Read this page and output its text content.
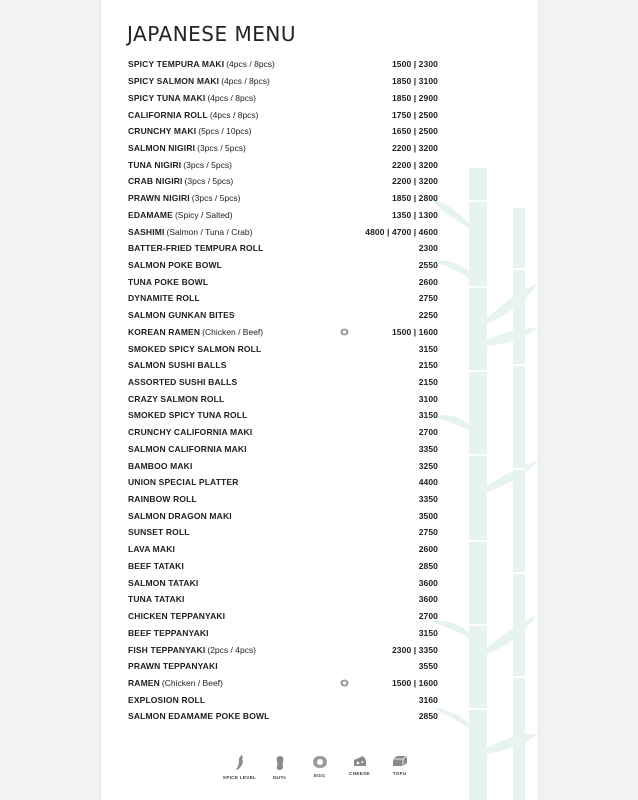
JAPANESE MENU
SPICY TEMPURA MAKI (4pcs / 8pcs)	1500 | 2300
SPICY SALMON MAKI (4pcs / 8pcs)	1850 | 3100
SPICY TUNA MAKI (4pcs / 8pcs)	1850 | 2900
CALIFORNIA ROLL (4pcs / 8pcs)	1750 | 2500
CRUNCHY MAKI (5pcs / 10pcs)	1650 | 2500
SALMON NIGIRI (3pcs / 5pcs)	2200 | 3200
TUNA NIGIRI (3pcs / 5pcs)	2200 | 3200
CRAB NIGIRI (3pcs / 5pcs)	2200 | 3200
PRAWN NIGIRI (3pcs / 5pcs)	1850 | 2800
EDAMAME (Spicy / Salted)	1350 | 1300
SASHIMI (Salmon / Tuna / Crab)	4800 | 4700 | 4600
BATTER-FRIED TEMPURA ROLL	2300
SALMON POKE BOWL	2550
TUNA POKE BOWL	2600
DYNAMITE ROLL	2750
SALMON GUNKAN BITES	2250
KOREAN RAMEN (Chicken / Beef)	1500 | 1600
SMOKED SPICY SALMON ROLL	3150
SALMON SUSHI BALLS	2150
ASSORTED SUSHI BALLS	2150
CRAZY SALMON ROLL	3100
SMOKED SPICY TUNA ROLL	3150
CRUNCHY CALIFORNIA MAKI	2700
SALMON CALIFORNIA MAKI	3350
BAMBOO MAKI	3250
UNION SPECIAL PLATTER	4400
RAINBOW ROLL	3350
SALMON DRAGON MAKI	3500
SUNSET ROLL	2750
LAVA MAKI	2600
BEEF TATAKI	2850
SALMON TATAKI	3600
TUNA TATAKI	3600
CHICKEN TEPPANYAKI	2700
BEEF TEPPANYAKI	3150
FISH TEPPANYAKI (2pcs / 4pcs)	2300 | 3350
PRAWN TEPPANYAKI	3550
RAMEN (Chicken / Beef)	1500 | 1600
EXPLOSION ROLL	3160
SALMON EDAMAME POKE BOWL	2850
SPICE LEVEL	NUTs	EGG	CHEESE	TOFU
